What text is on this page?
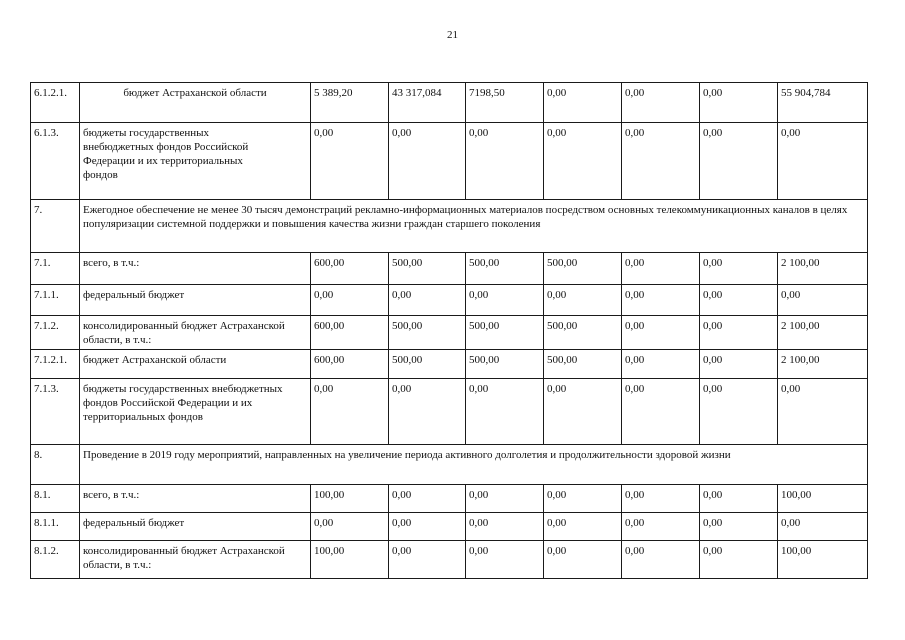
21
6.1.2.1.	бюджет Астраханской области	5 389,20	43 317,084	7198,50	0,00	0,00	0,00	55 904,784
6.1.3.	бюджеты государственных внебюджетных фондов Российской Федерации и их территориальных фондов	0,00	0,00	0,00	0,00	0,00	0,00	0,00
7.	Ежегодное обеспечение не менее 30 тысяч демонстраций рекламно-информационных материалов посредством основных телекоммуникационных каналов в целях популяризации системной поддержки и повышения качества жизни граждан старшего поколения							
7.1.	всего, в т.ч.:	600,00	500,00	500,00	500,00	0,00	0,00	2 100,00
7.1.1.	федеральный бюджет	0,00	0,00	0,00	0,00	0,00	0,00	0,00
7.1.2.	консолидированный бюджет Астраханской области, в т.ч.:	600,00	500,00	500,00	500,00	0,00	0,00	2 100,00
7.1.2.1.	бюджет Астраханской области	600,00	500,00	500,00	500,00	0,00	0,00	2 100,00
7.1.3.	бюджеты государственных внебюджетных фондов Российской Федерации и их территориальных фондов	0,00	0,00	0,00	0,00	0,00	0,00	0,00
8.	Проведение в 2019 году мероприятий, направленных на увеличение периода активного долголетия и продолжительности здоровой жизни							
8.1.	всего, в т.ч.:	100,00	0,00	0,00	0,00	0,00	0,00	100,00
8.1.1.	федеральный бюджет	0,00	0,00	0,00	0,00	0,00	0,00	0,00
8.1.2.	консолидированный бюджет Астраханской области, в т.ч.:	100,00	0,00	0,00	0,00	0,00	0,00	100,00
